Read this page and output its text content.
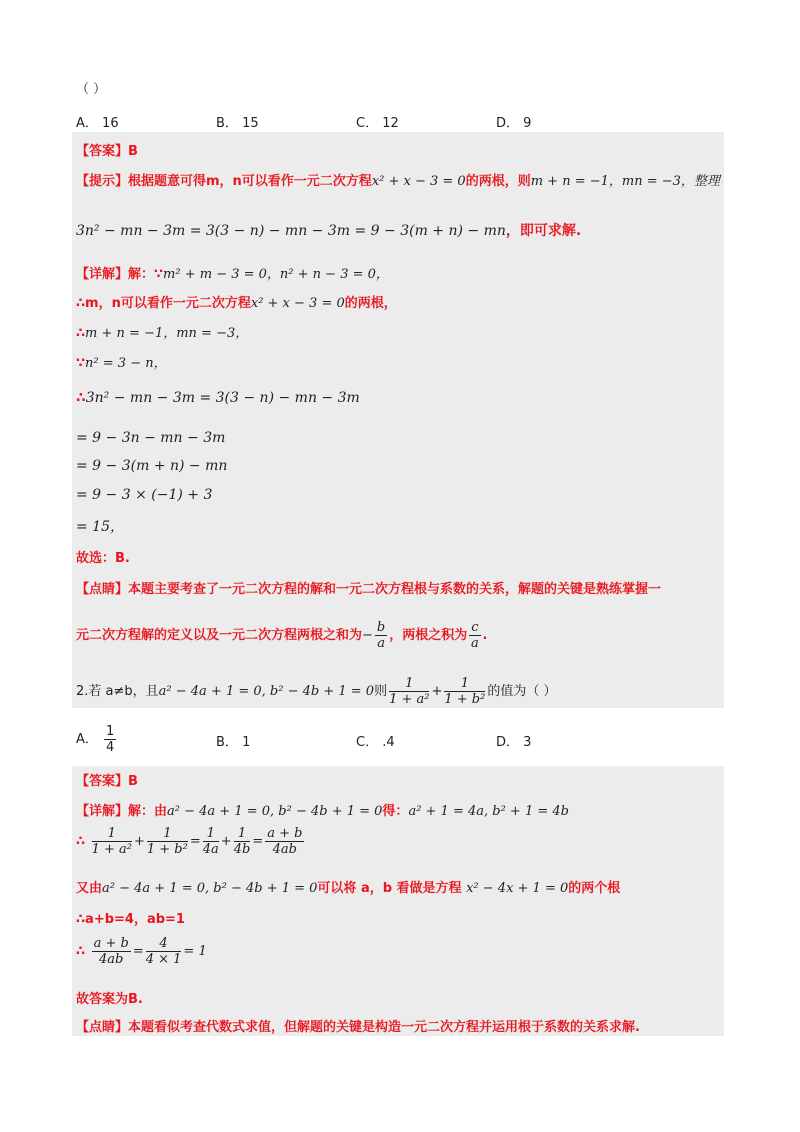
（ ）
A． 16	B． 15	C． 12	D． 9
【答案】B
【提示】根据题意可得m，n可以看作一元二次方程x² + x − 3 = 0的两根，则m + n = −1，mn = −3，整理
3n² − mn − 3m = 3(3 − n) − mn − 3m = 9 − 3(m + n) − mn，即可求解.
【详解】解：∵m² + m − 3 = 0，n² + n − 3 = 0，
∴m，n可以看作一元二次方程x² + x − 3 = 0的两根，
∴m + n = −1，mn = −3，
∵n² = 3 − n，
∴3n² − mn − 3m = 3(3 − n) − mn − 3m
= 9 − 3n − mn − 3m
= 9 − 3(m + n) − mn
= 9 − 3 × (−1) + 3
= 15，
故选：B.
【点睛】本题主要考查了一元二次方程的解和一元二次方程根与系数的关系，解题的关键是熟练掌握一
元二次方程解的定义以及一元二次方程两根之和为− $\frac{b}{a}$ ，两根之积为 $\frac{c}{a}$ .
2.若 a≠b，且a² − 4a + 1 = 0, b² − 4b + 1 = 0则 $\frac{1}{\text{1 + a²}} + \frac{1}{\text{1 + b²}}$ 的值为（ ）
A． $\frac{1}{4}$	B． 1	C． .4	D． 3
【答案】B
【详解】解：由a² − 4a + 1 = 0, b² − 4b + 1 = 0得：a² + 1 = 4a, b² + 1 = 4b
∴ $\frac{1}{\text{1 + a²}} + \frac{1}{\text{1 + b²}} = \frac{1}{4a} + \frac{1}{4b} = \frac{a + b}{4ab}$
又由a² − 4a + 1 = 0, b² − 4b + 1 = 0可以将 a，b 看做是方程 x² − 4x + 1 = 0的两个根
∴a+b=4，ab=1
∴ $\frac{a + b}{4ab} = \frac{4}{4 \times 1} = 1$
故答案为B.
【点睛】本题看似考查代数式求值，但解题的关键是构造一元二次方程并运用根于系数的关系求解.
